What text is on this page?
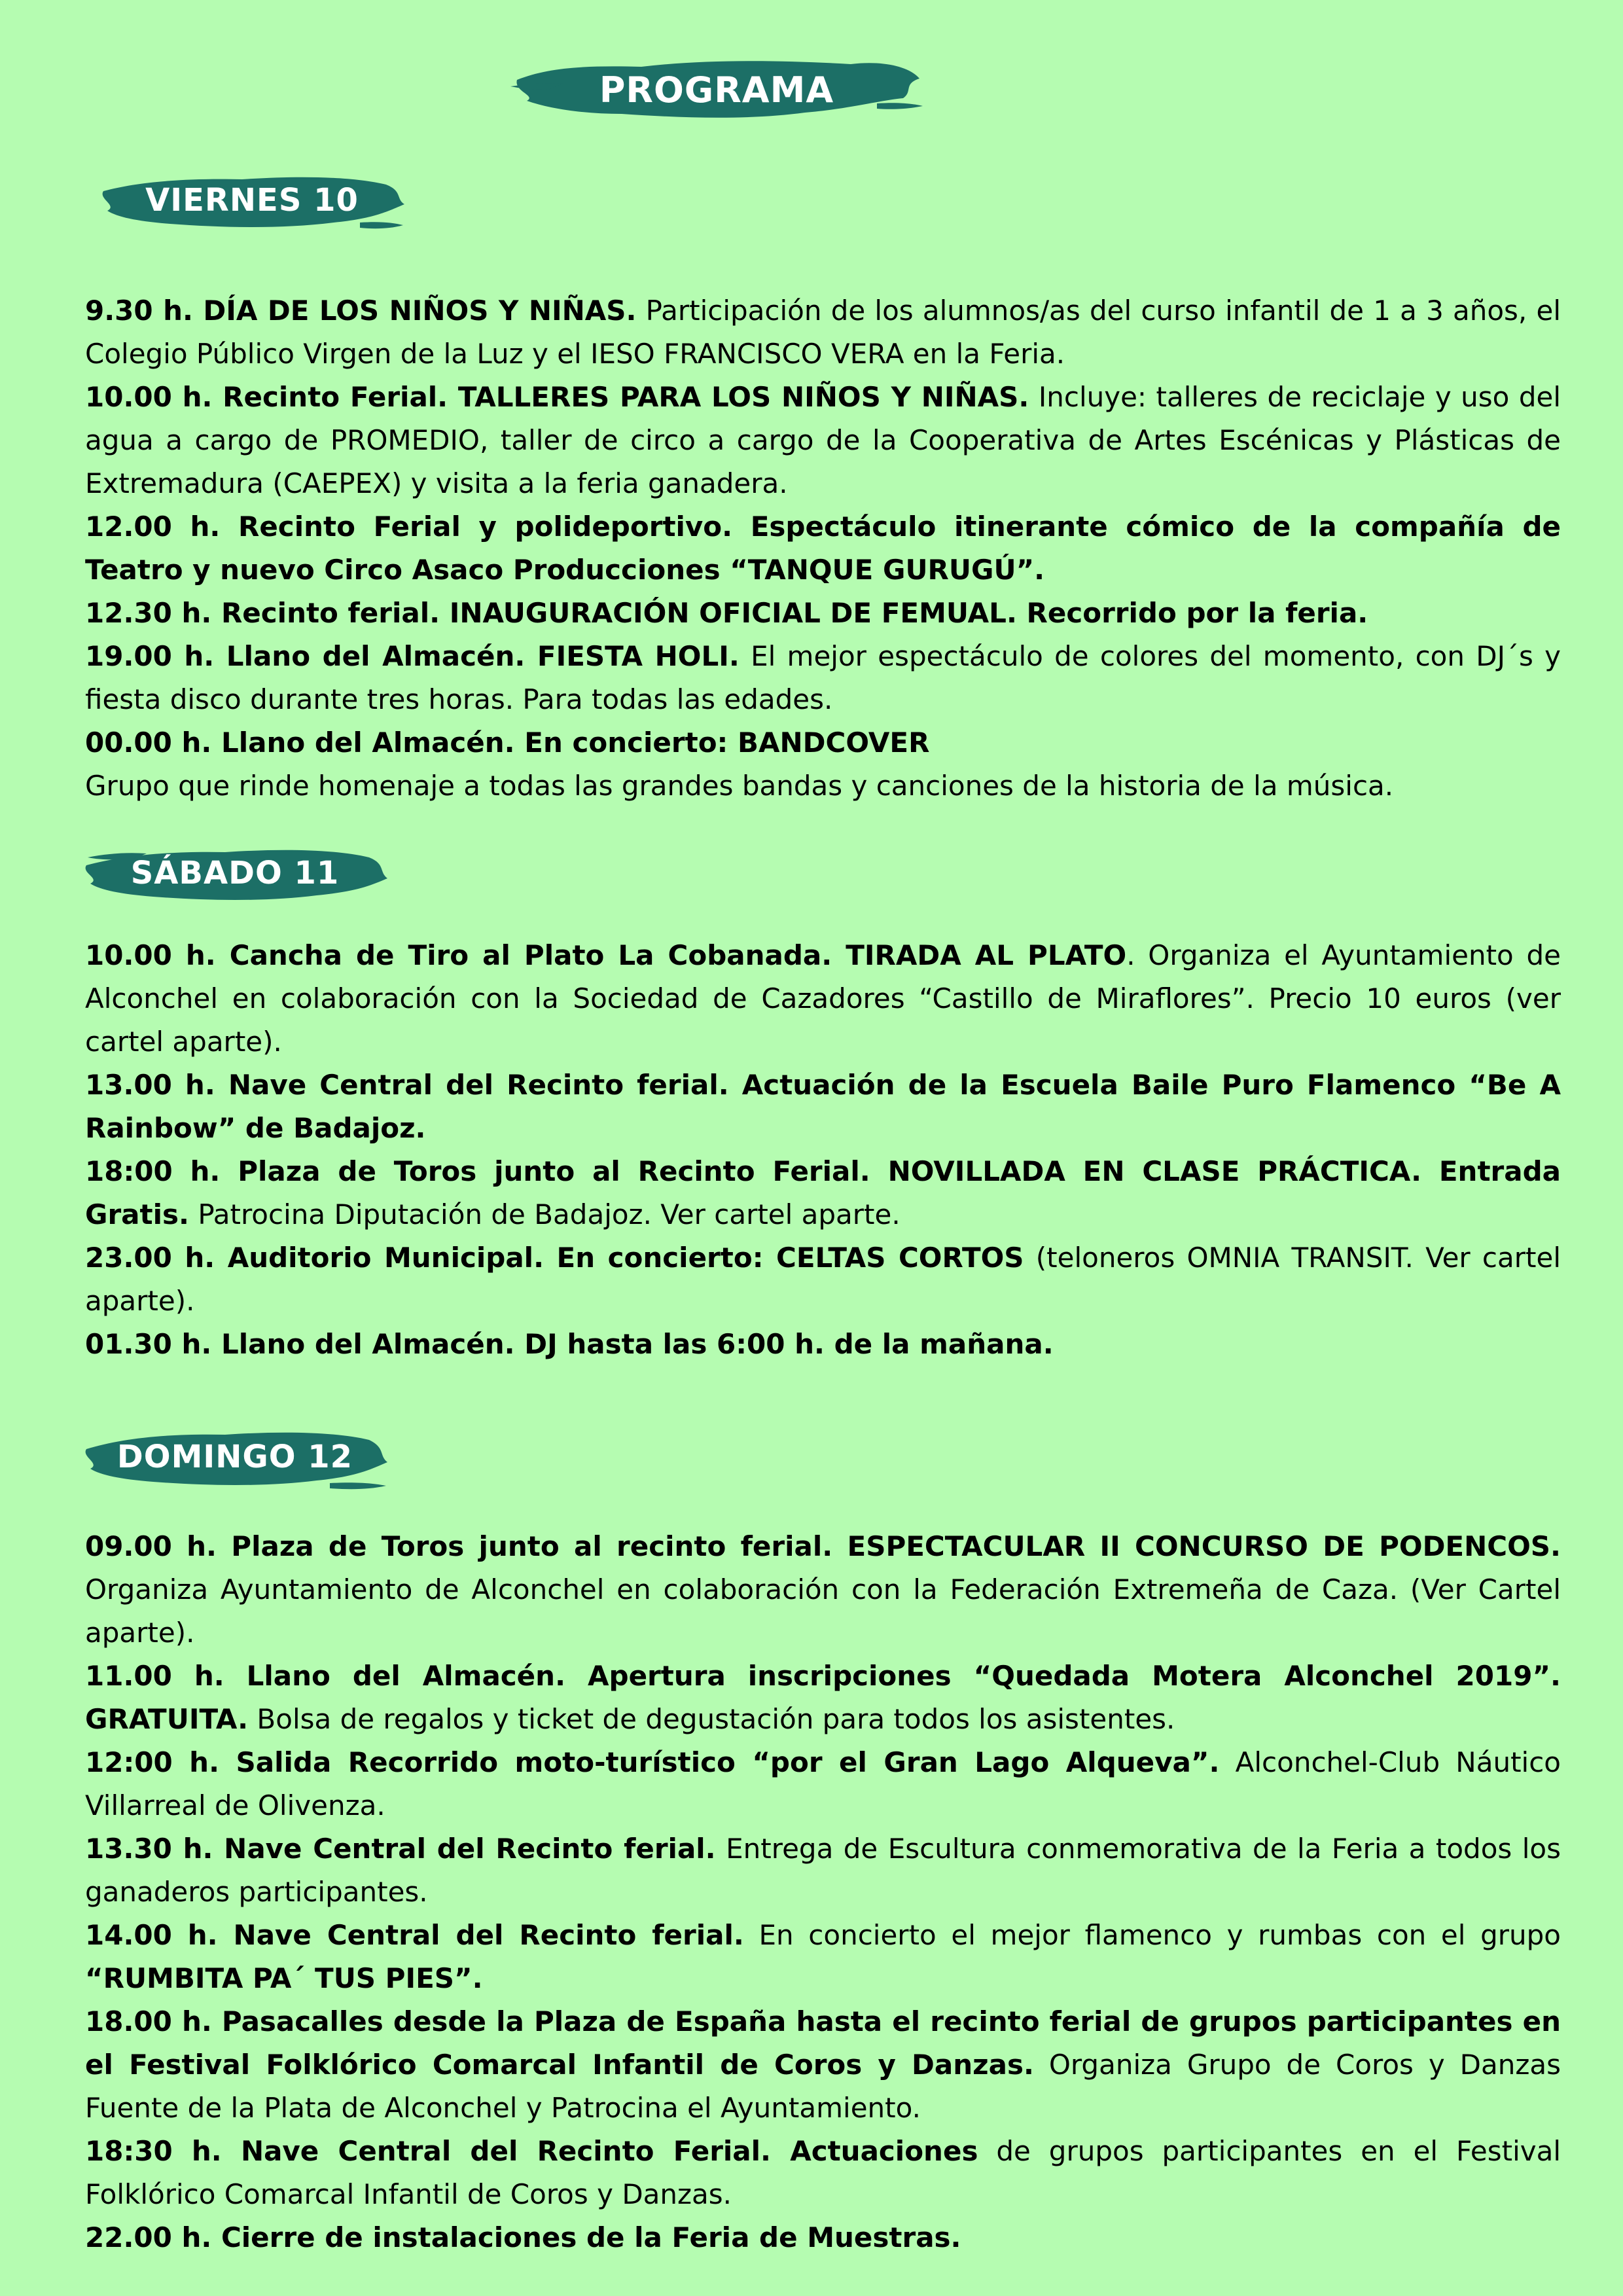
PROGRAMA
VIERNES 10

9.30 h. DÍA DE LOS NIÑOS Y NIÑAS. Participación de los alumnos/as del curso infantil de 1 a 3 años, el Colegio Público Virgen de la Luz y el IESO FRANCISCO VERA en la Feria.

10.00 h. Recinto Ferial. TALLERES PARA LOS NIÑOS Y NIÑAS. Incluye: talleres de reciclaje y uso del agua a cargo de PROMEDIO, taller de circo a cargo de la Cooperativa de Artes Escénicas y Plásticas de Extremadura (CAEPEX) y visita a la feria ganadera.

12.00 h. Recinto Ferial y polideportivo. Espectáculo itinerante cómico de la compañía de Teatro y nuevo Circo Asaco Producciones “TANQUE GURUGÚ”.

12.30 h. Recinto ferial. INAUGURACIÓN OFICIAL DE FEMUAL. Recorrido por la feria.

19.00 h. Llano del Almacén. FIESTA HOLI. El mejor espectáculo de colores del momento, con DJ´s y fiesta disco durante tres horas. Para todas las edades.

00.00 h. Llano del Almacén. En concierto: BANDCOVER

Grupo que rinde homenaje a todas las grandes bandas y canciones de la historia de la música.

SÁBADO 11

10.00 h. Cancha de Tiro al Plato La Cobanada. TIRADA AL PLATO. Organiza el Ayuntamiento de Alconchel en colaboración con la Sociedad de Cazadores “Castillo de Miraflores”. Precio 10 euros (ver cartel aparte).

13.00 h. Nave Central del Recinto ferial. Actuación de la Escuela Baile Puro Flamenco “Be A Rainbow” de Badajoz.

18:00 h. Plaza de Toros junto al Recinto Ferial. NOVILLADA EN CLASE PRÁCTICA. Entrada Gratis. Patrocina Diputación de Badajoz. Ver cartel aparte.

23.00 h. Auditorio Municipal. En concierto: CELTAS CORTOS (teloneros OMNIA TRANSIT. Ver cartel aparte).

01.30 h. Llano del Almacén. DJ hasta las 6:00 h. de la mañana.

DOMINGO 12

09.00 h. Plaza de Toros junto al recinto ferial. ESPECTACULAR II CONCURSO DE PODENCOS. Organiza Ayuntamiento de Alconchel en colaboración con la Federación Extremeña de Caza. (Ver Cartel aparte).

11.00 h. Llano del Almacén. Apertura inscripciones “Quedada Motera Alconchel 2019”. GRATUITA. Bolsa de regalos y ticket de degustación para todos los asistentes.

12:00 h. Salida Recorrido moto-turístico “por el Gran Lago Alqueva”. Alconchel-Club Náutico Villarreal de Olivenza.

13.30 h. Nave Central del Recinto ferial. Entrega de Escultura conmemorativa de la Feria a todos los ganaderos participantes.

14.00 h. Nave Central del Recinto ferial. En concierto el mejor flamenco y rumbas con el grupo “RUMBITA PA´ TUS PIES”.

18.00 h. Pasacalles desde la Plaza de España hasta el recinto ferial de grupos participantes en el Festival Folklórico Comarcal Infantil de Coros y Danzas. Organiza Grupo de Coros y Danzas Fuente de la Plata de Alconchel y Patrocina el Ayuntamiento.

18:30 h. Nave Central del Recinto Ferial. Actuaciones de grupos participantes en el Festival Folklórico Comarcal Infantil de Coros y Danzas.

22.00 h. Cierre de instalaciones de la Feria de Muestras.
